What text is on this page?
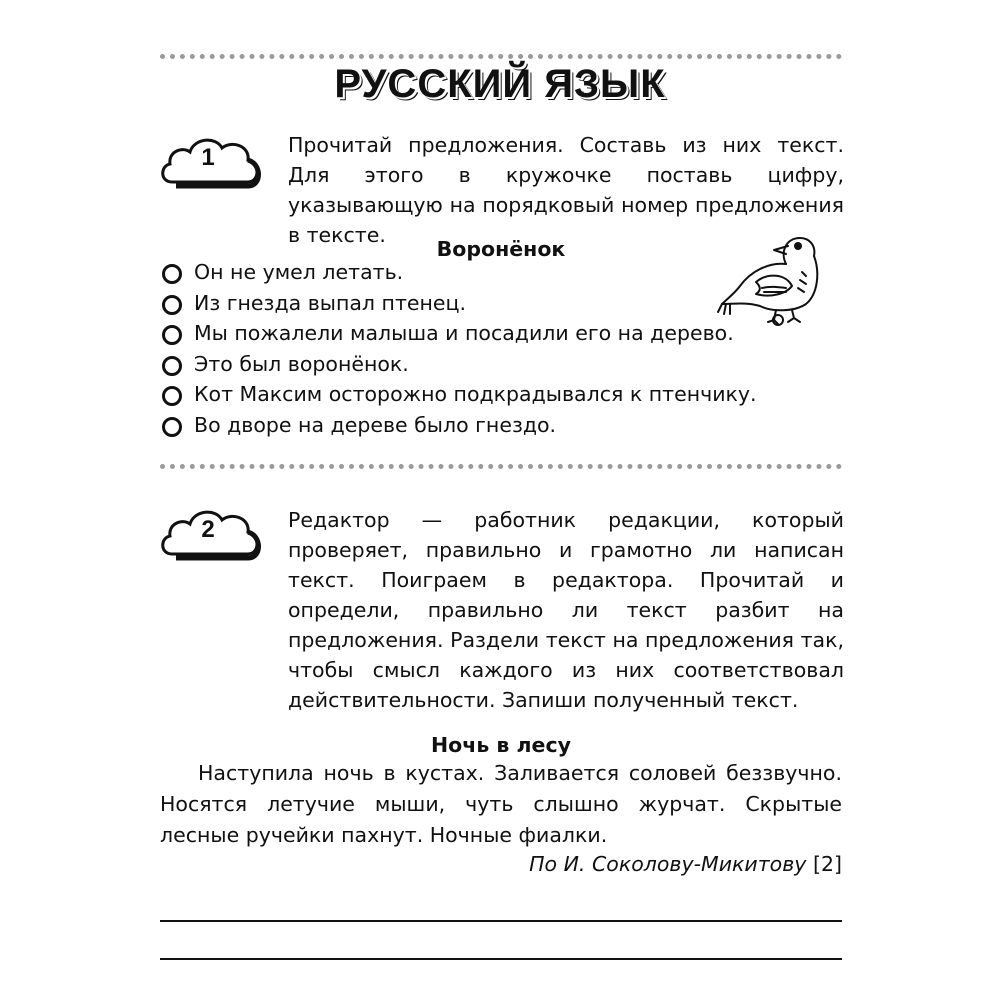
РУССКИЙ ЯЗЫК
1	Прочитай предложения. Составь из них текст. Для этого в кружочке поставь цифру, указывающую на порядковый номер предложения в тексте.
Воронёнок
Он не умел летать.
Из гнезда выпал птенец.
Мы пожалели малыша и посадили его на дерево.
Это был воронёнок.
Кот Максим осторожно подкрадывался к птенчику.
Во дворе на дереве было гнездо.
2	Редактор — работник редакции, который проверяет, правильно и грамотно ли написан текст. Поиграем в редактора. Прочитай и определи, правильно ли текст разбит на предложения. Раздели текст на предложения так, чтобы смысл каждого из них соответствовал действительности. Запиши полученный текст.
Ночь в лесу

Наступила ночь в кустах. Заливается соловей беззвучно. Носятся летучие мыши, чуть слышно журчат. Скрытые лесные ручейки пахнут. Ночные фиалки.

По И. Соколову-Микитову [2]
